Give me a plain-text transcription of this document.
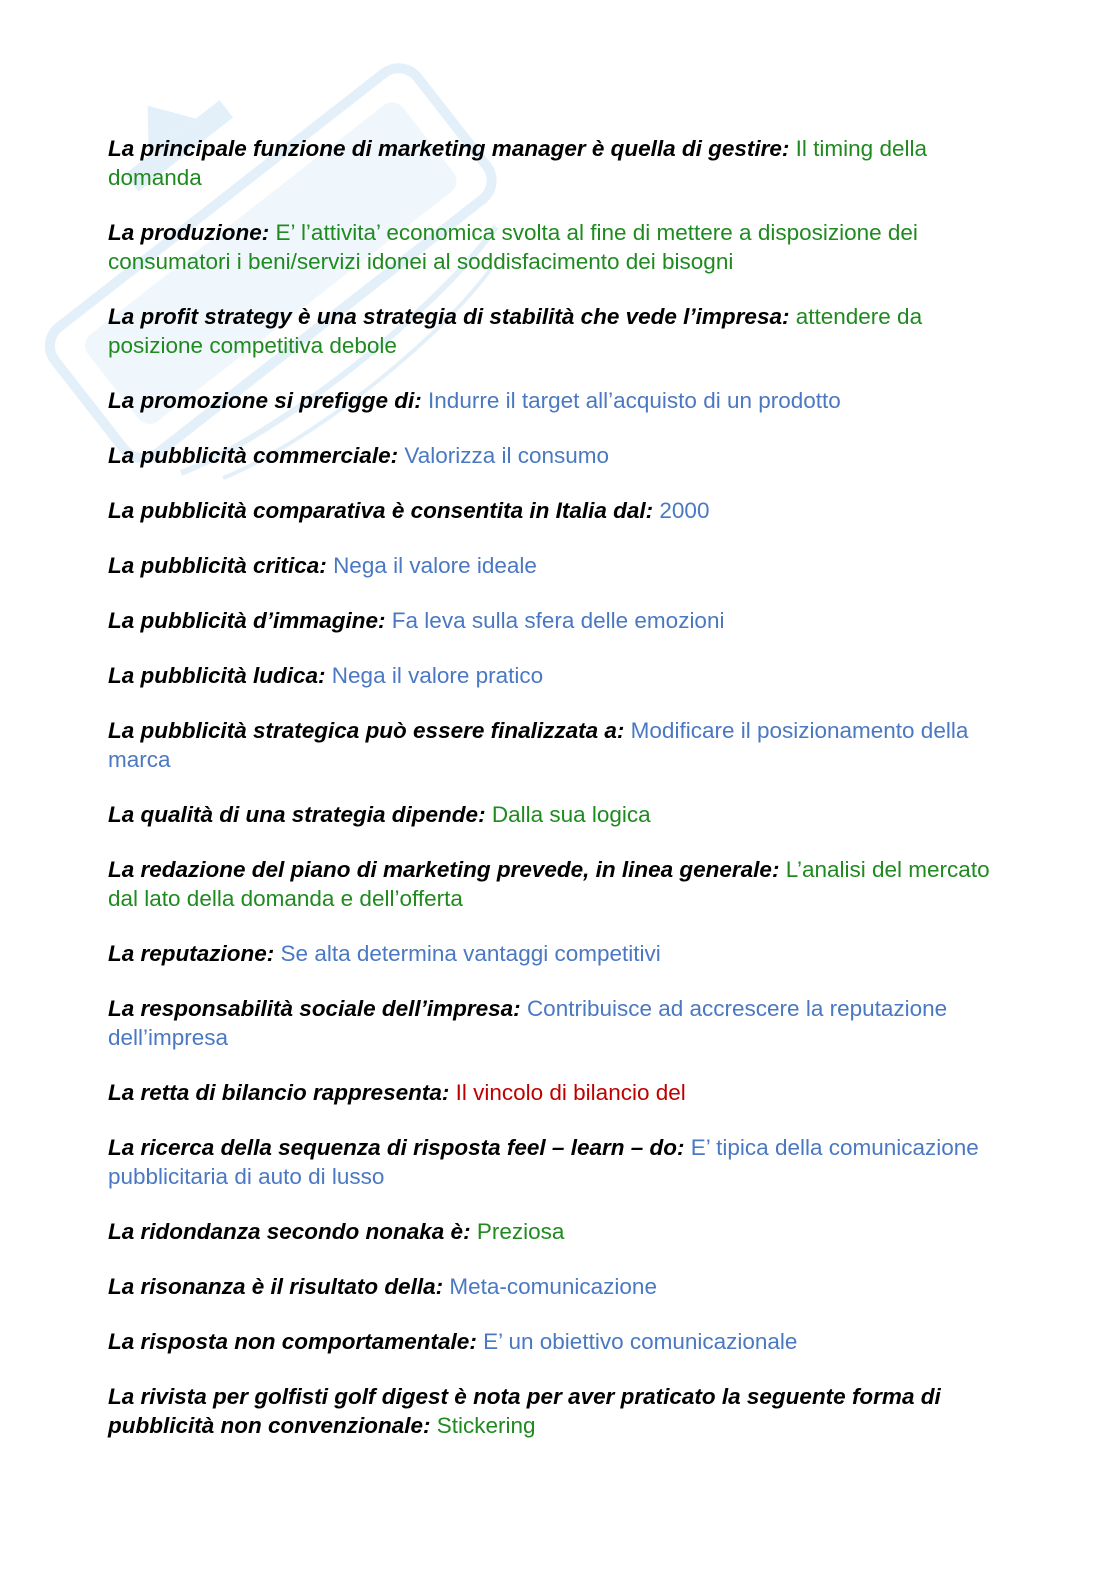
La principale funzione di marketing manager è quella di gestire: Il timing della domanda

La produzione: E’ l’attivita’ economica svolta al fine di mettere a disposizione dei consumatori i beni/servizi idonei al soddisfacimento dei bisogni

La profit strategy è una strategia di stabilità che vede l’impresa: attendere da posizione competitiva debole

La promozione si prefigge di: Indurre il target all’acquisto di un prodotto

La pubblicità commerciale: Valorizza il consumo

La pubblicità comparativa è consentita in Italia dal: 2000

La pubblicità critica: Nega il valore ideale

La pubblicità d’immagine: Fa leva sulla sfera delle emozioni

La pubblicità ludica: Nega il valore pratico

La pubblicità strategica può essere finalizzata a: Modificare il posizionamento della marca

La qualità di una strategia dipende: Dalla sua logica

La redazione del piano di marketing prevede, in linea generale: L’analisi del mercato dal lato della domanda e dell’offerta

La reputazione: Se alta determina vantaggi competitivi

La responsabilità sociale dell’impresa: Contribuisce ad accrescere la reputazione dell’impresa

La retta di bilancio rappresenta: Il vincolo di bilancio del

La ricerca della sequenza di risposta feel – learn – do: E’ tipica della comunicazione pubblicitaria di auto di lusso

La ridondanza secondo nonaka è: Preziosa

La risonanza è il risultato della: Meta-comunicazione

La risposta non comportamentale: E’ un obiettivo comunicazionale

La rivista per golfisti golf digest è nota per aver praticato la seguente forma di pubblicità non convenzionale: Stickering
